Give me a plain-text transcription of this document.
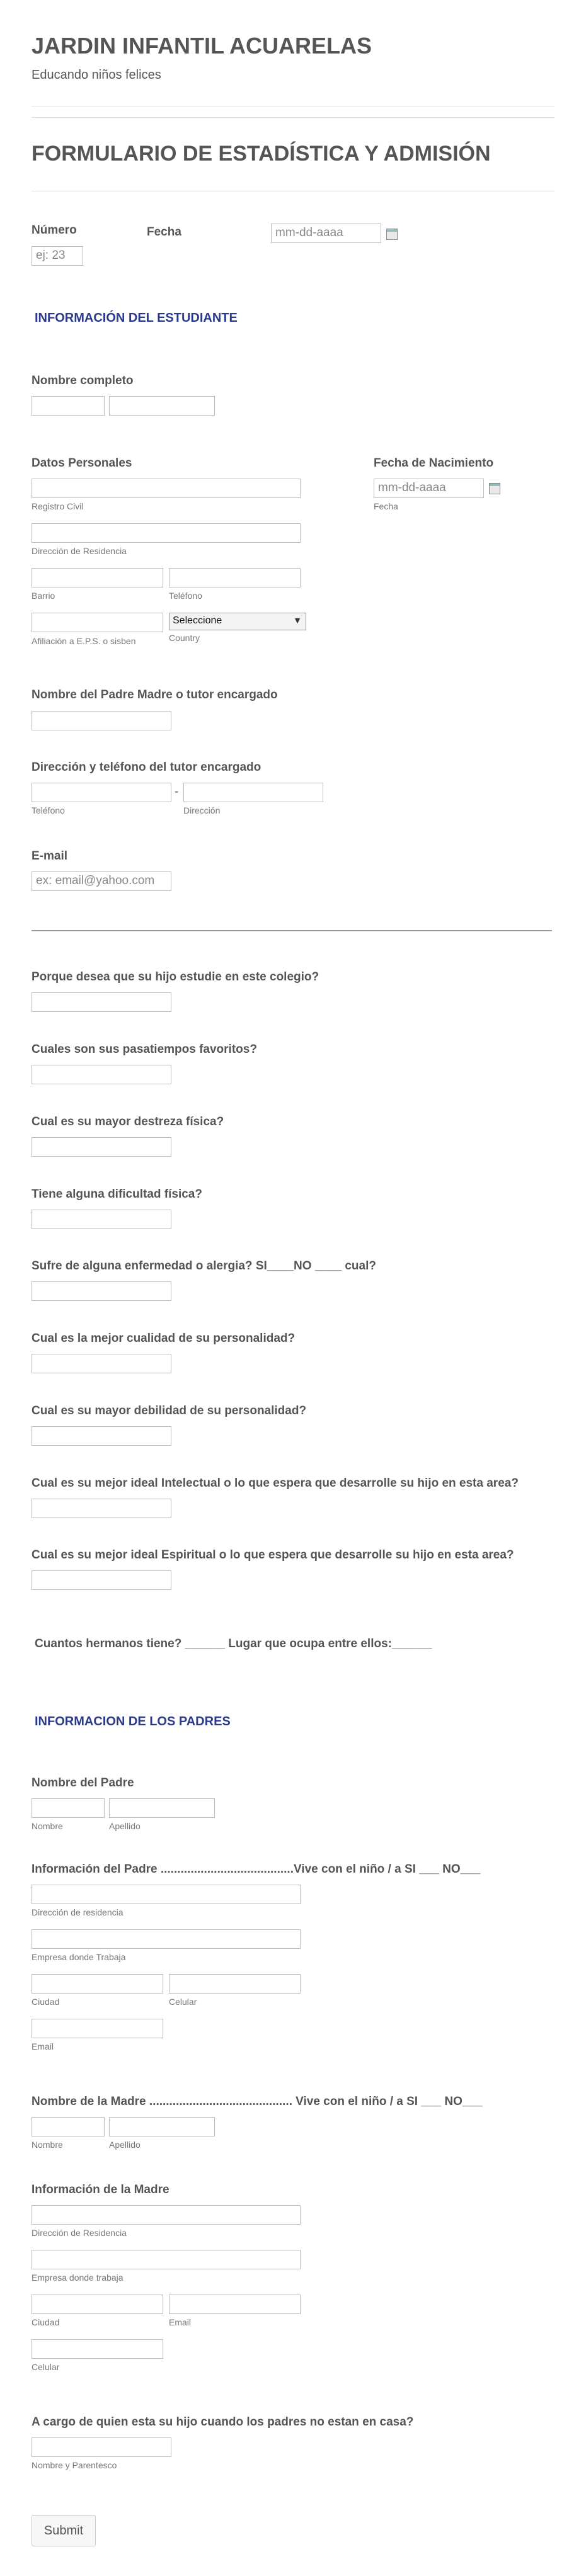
JARDIN INFANTIL ACUARELAS
Educando niños felices
FORMULARIO DE ESTADÍSTICA Y ADMISIÓN
Número
ej: 23
Fecha	mm-dd-aaaa
INFORMACIÓN DEL ESTUDIANTE
Nombre completo
Datos Personales
Registro Civil
Dirección de Residencia
Barrio	Teléfono
Afiliación a E.P.S. o sisben
Seleccione	▼
Country
Fecha de Nacimiento
mm-dd-aaaa
Fecha
Nombre del Padre Madre o tutor encargado
Dirección y teléfono del tutor encargado
-
Teléfono	Dirección
E-mail
ex: email@yahoo.com
Porque desea que su hijo estudie en este colegio?
Cuales son sus pasatiempos favoritos?
Cual es su mayor destreza física?
Tiene alguna dificultad física?
Sufre de alguna enfermedad o alergia? SI____NO ____ cual?
Cual es la mejor cualidad de su personalidad?
Cual es su mayor debilidad de su personalidad?
Cual es su mejor ideal Intelectual o lo que espera que desarrolle su hijo en esta area?
Cual es su mejor ideal Espiritual o lo que espera que desarrolle su hijo en esta area?
Cuantos hermanos tiene? ______ Lugar que ocupa entre ellos:______
INFORMACION DE LOS PADRES
Nombre del Padre
Nombre	Apellido
Información del Padre ........................................Vive con el niño / a SI ___ NO___
Dirección de residencia
Empresa donde Trabaja
Ciudad	Celular
Email
Nombre de la Madre ........................................... Vive con el niño / a SI ___ NO___
Nombre	Apellido
Información de la Madre
Dirección de Residencia
Empresa donde trabaja
Ciudad	Email
Celular
A cargo de quien esta su hijo cuando los padres no estan en casa?
Nombre y Parentesco
Submit
